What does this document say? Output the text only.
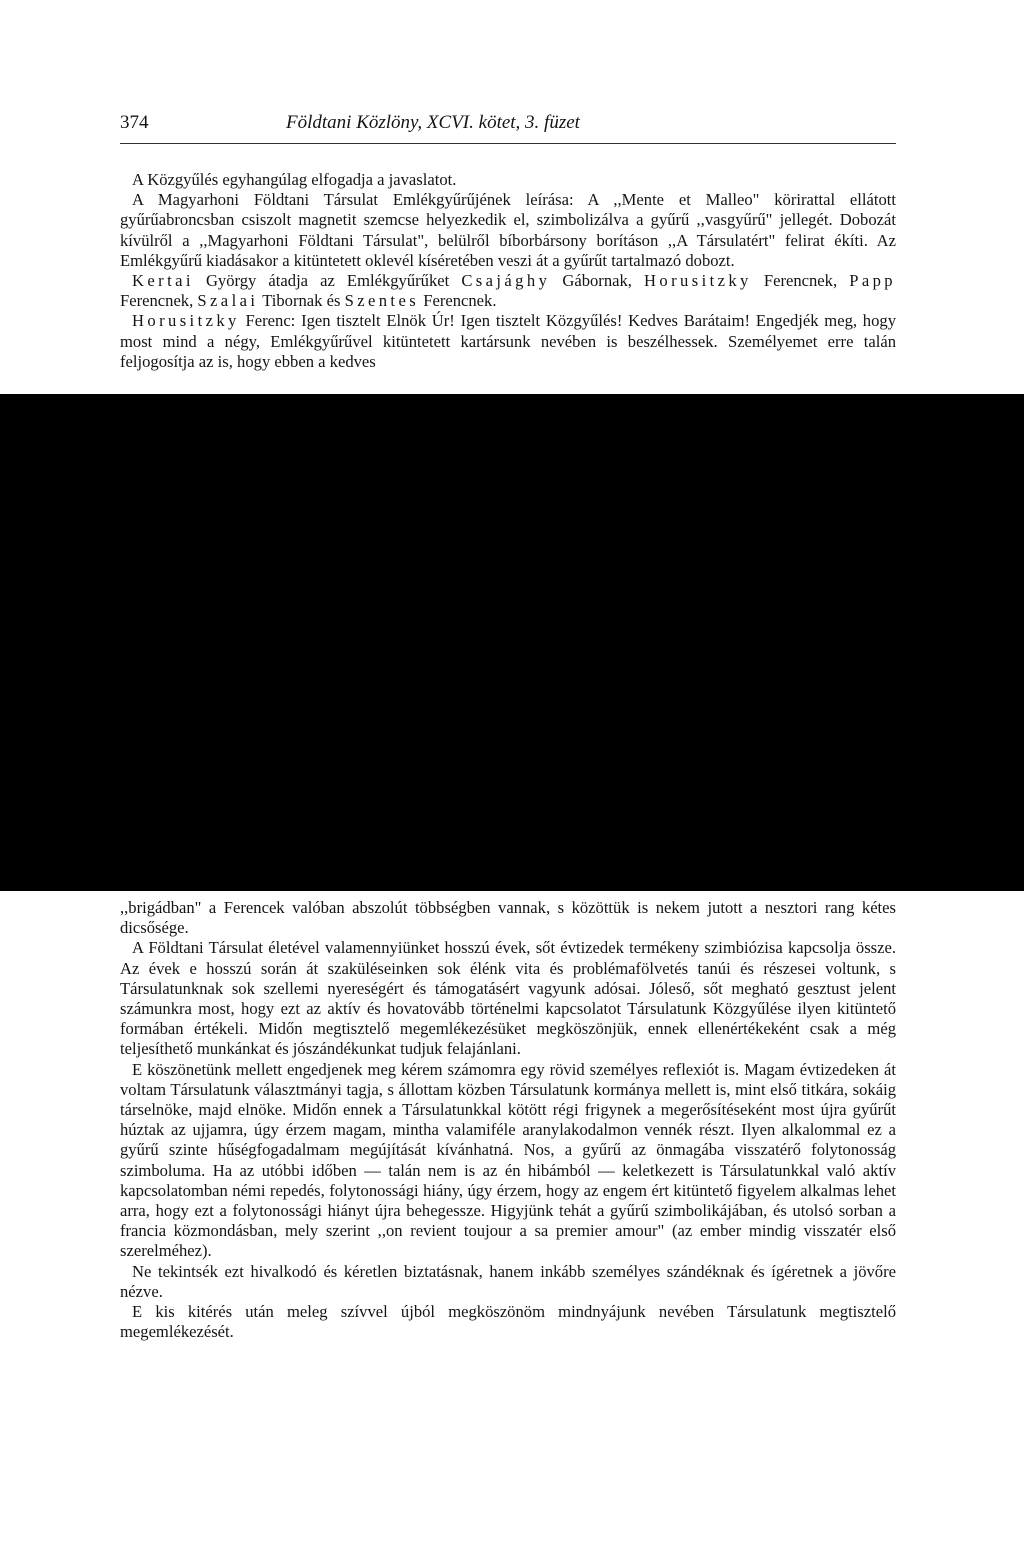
374	Földtani Közlöny, XCVI. kötet, 3. füzet

A Közgyűlés egyhangúlag elfogadja a javaslatot.

A Magyarhoni Földtani Társulat Emlékgyűrűjének leírása: A ,,Mente et Malleo" körirattal ellátott gyűrűabroncsban csiszolt magnetit szemcse helyezkedik el, szimbolizálva a gyűrű ,,vasgyűrű" jellegét. Dobozát kívülről a ,,Magyarhoni Földtani Társulat", belülről bíborbársony borításon ,,A Társulatért" felirat ékíti. Az Emlékgyűrű kiadásakor a kitüntetett oklevél kíséretében veszi át a gyűrűt tartalmazó dobozt.

Kertai György átadja az Emlékgyűrűket Csajághy Gábornak, Horusitzky Ferencnek, Papp Ferencnek, Szalai Tibornak és Szentes Ferencnek.

Horusitzky Ferenc: Igen tisztelt Elnök Úr! Igen tisztelt Közgyűlés! Kedves Barátaim! Engedjék meg, hogy most mind a négy, Emlékgyűrűvel kitüntetett kartársunk nevében is beszélhessek. Személyemet erre talán feljogosítja az is, hogy ebben a kedves

,,brigádban" a Ferencek valóban abszolút többségben vannak, s közöttük is nekem jutott a nesztori rang kétes dicsősége.

A Földtani Társulat életével valamennyiünket hosszú évek, sőt évtizedek termékeny szimbiózisa kapcsolja össze. Az évek e hosszú során át szaküléseinken sok élénk vita és problémafölvetés tanúi és részesei voltunk, s Társulatunknak sok szellemi nyereségért és támogatásért vagyunk adósai. Jóleső, sőt megható gesztust jelent számunkra most, hogy ezt az aktív és hovatovább történelmi kapcsolatot Társulatunk Közgyűlése ilyen kitüntető formában értékeli. Midőn megtisztelő megemlékezésüket megköszönjük, ennek ellenértékeként csak a még teljesíthető munkánkat és jószándékunkat tudjuk felajánlani.

E köszönetünk mellett engedjenek meg kérem számomra egy rövid személyes reflexiót is. Magam évtizedeken át voltam Társulatunk választmányi tagja, s állottam közben Társulatunk kormánya mellett is, mint első titkára, sokáig társelnöke, majd elnöke. Midőn ennek a Társulatunkkal kötött régi frigynek a megerősítéseként most újra gyűrűt húztak az ujjamra, úgy érzem magam, mintha valamiféle aranylakodalmon vennék részt. Ilyen alkalommal ez a gyűrű szinte hűségfogadalmam megújítását kívánhatná. Nos, a gyűrű az önmagába visszatérő folytonosság szimboluma. Ha az utóbbi időben — talán nem is az én hibámból — keletkezett is Társulatunkkal való aktív kapcsolatomban némi repedés, folytonossági hiány, úgy érzem, hogy az engem ért kitüntető figyelem alkalmas lehet arra, hogy ezt a folytonossági hiányt újra behegessze. Higyjünk tehát a gyűrű szimbolikájában, és utolsó sorban a francia közmondásban, mely szerint ,,on revient toujour a sa premier amour" (az ember mindig visszatér első szerelméhez).

Ne tekintsék ezt hivalkodó és kéretlen biztatásnak, hanem inkább személyes szándéknak és ígéretnek a jövőre nézve.

E kis kitérés után meleg szívvel újból megköszönöm mindnyájunk nevében Társulatunk megtisztelő megemlékezését.
